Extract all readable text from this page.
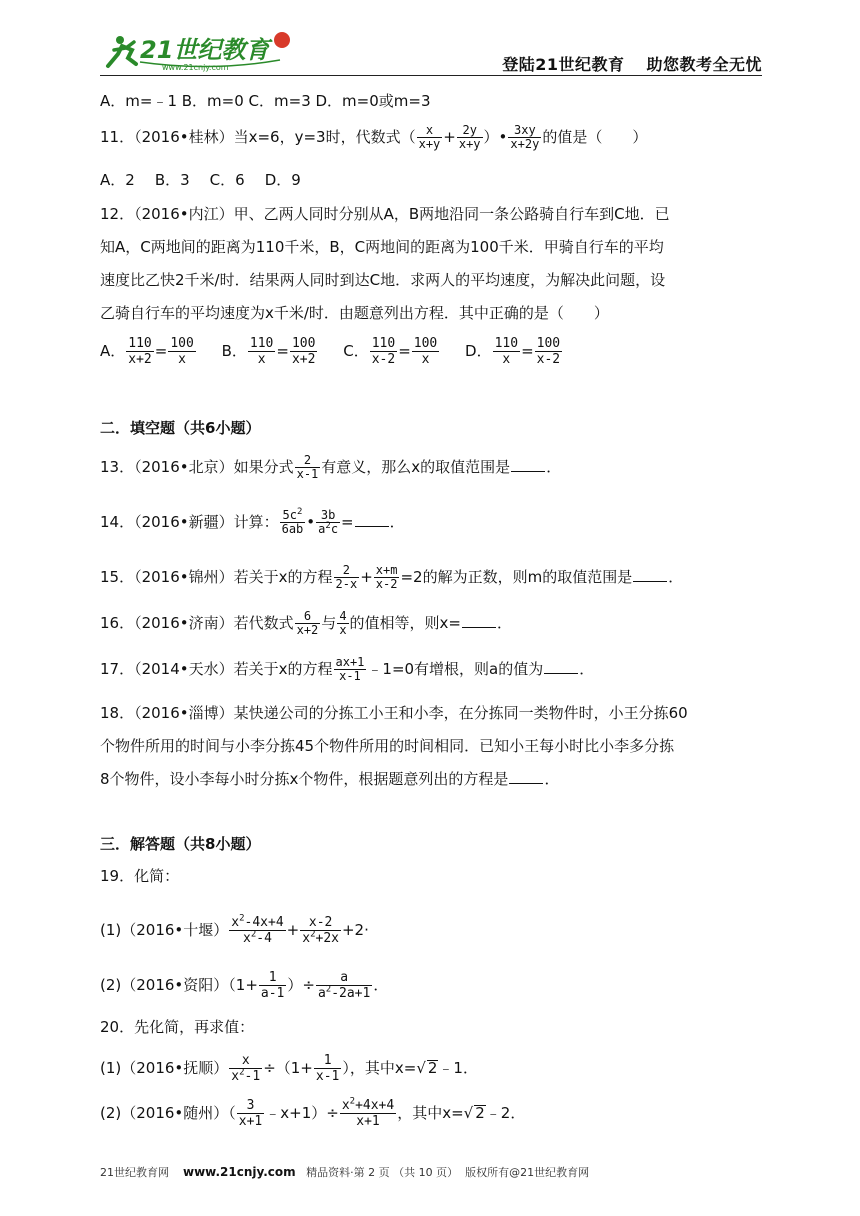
21世纪教育
www.21cnjy.com	登陆21世纪教育 助您教考全无忧
A．m=﹣1 B．m=0 C．m=3 D．m=0或m=3
11．（2016•桂林）当x=6，y=3时，代数式（ $\frac{x}{x+y} + \frac{2y}{x+y}$ ）• $\frac{3xy}{x+2y}$ 的值是（　　）
A．2 B．3 C．6 D．9
12．（2016•内江）甲、乙两人同时分别从A，B两地沿同一条公路骑自行车到C地．已
知A，C两地间的距离为110千米，B，C两地间的距离为100千米．甲骑自行车的平均
速度比乙快2千米/时．结果两人同时到达C地．求两人的平均速度，为解决此问题，设
乙骑自行车的平均速度为x千米/时．由题意列出方程．其中正确的是（　　）
A． $\frac{110}{x+2} = \frac{100}{x}$ B． $\frac{110}{x} = \frac{100}{x+2}$ C． $\frac{110}{x-2} = \frac{100}{x}$ D． $\frac{110}{x} = \frac{100}{x-2}$
二．填空题（共6小题）
13．（2016•北京）如果分式 $\frac{2}{x-1}$ 有意义，那么x的取值范围是 ．
14．（2016•新疆）计算： $\frac{5c^2}{6ab}$ • $\frac{3b}{a^2c}$ = ．
15．（2016•锦州）若关于x的方程 $\frac{2}{2-x} + \frac{x+m}{x-2} =2$的解为正数，则m的取值范围是 ．
16．（2016•济南）若代数式 $\frac{6}{x+2}$ 与 $\frac{4}{x}$ 的值相等，则x= ．
17．（2014•天水）若关于x的方程 $\frac{ax+1}{x-1}$ ﹣1=0有增根，则a的值为 ．
18．（2016•淄博）某快递公司的分拣工小王和小李，在分拣同一类物件时，小王分拣60
个物件所用的时间与小李分拣45个物件所用的时间相同．已知小王每小时比小李多分拣
8个物件，设小李每小时分拣x个物件，根据题意列出的方程是 ．
三．解答题（共8小题）
19．化简：
(1)（2016•十堰） $\frac{x^2-4x+4}{x^2-4} + \frac{x-2}{x^2+2x} +2\cdot$
(2)（2016•资阳）（$1+ \frac{1}{a-1}$ ）÷ $\frac{a}{a^2-2a+1}$ ．
20．先化简，再求值：
(1)（2016•抚顺） $\frac{x}{x^2-1} \div(1+ \frac{1}{x-1}$ ），其中x=√ 2﹣1．
(2)（2016•随州）（ $\frac{3}{x+1}$ ﹣x+1）÷ $\frac{x^2+4x+4}{x+1}$ ，其中x=√ 2﹣2．
21世纪教育网 www.21cnjy.com 精品资料·第 2 页 （共 10 页） 版权所有@21世纪教育网
